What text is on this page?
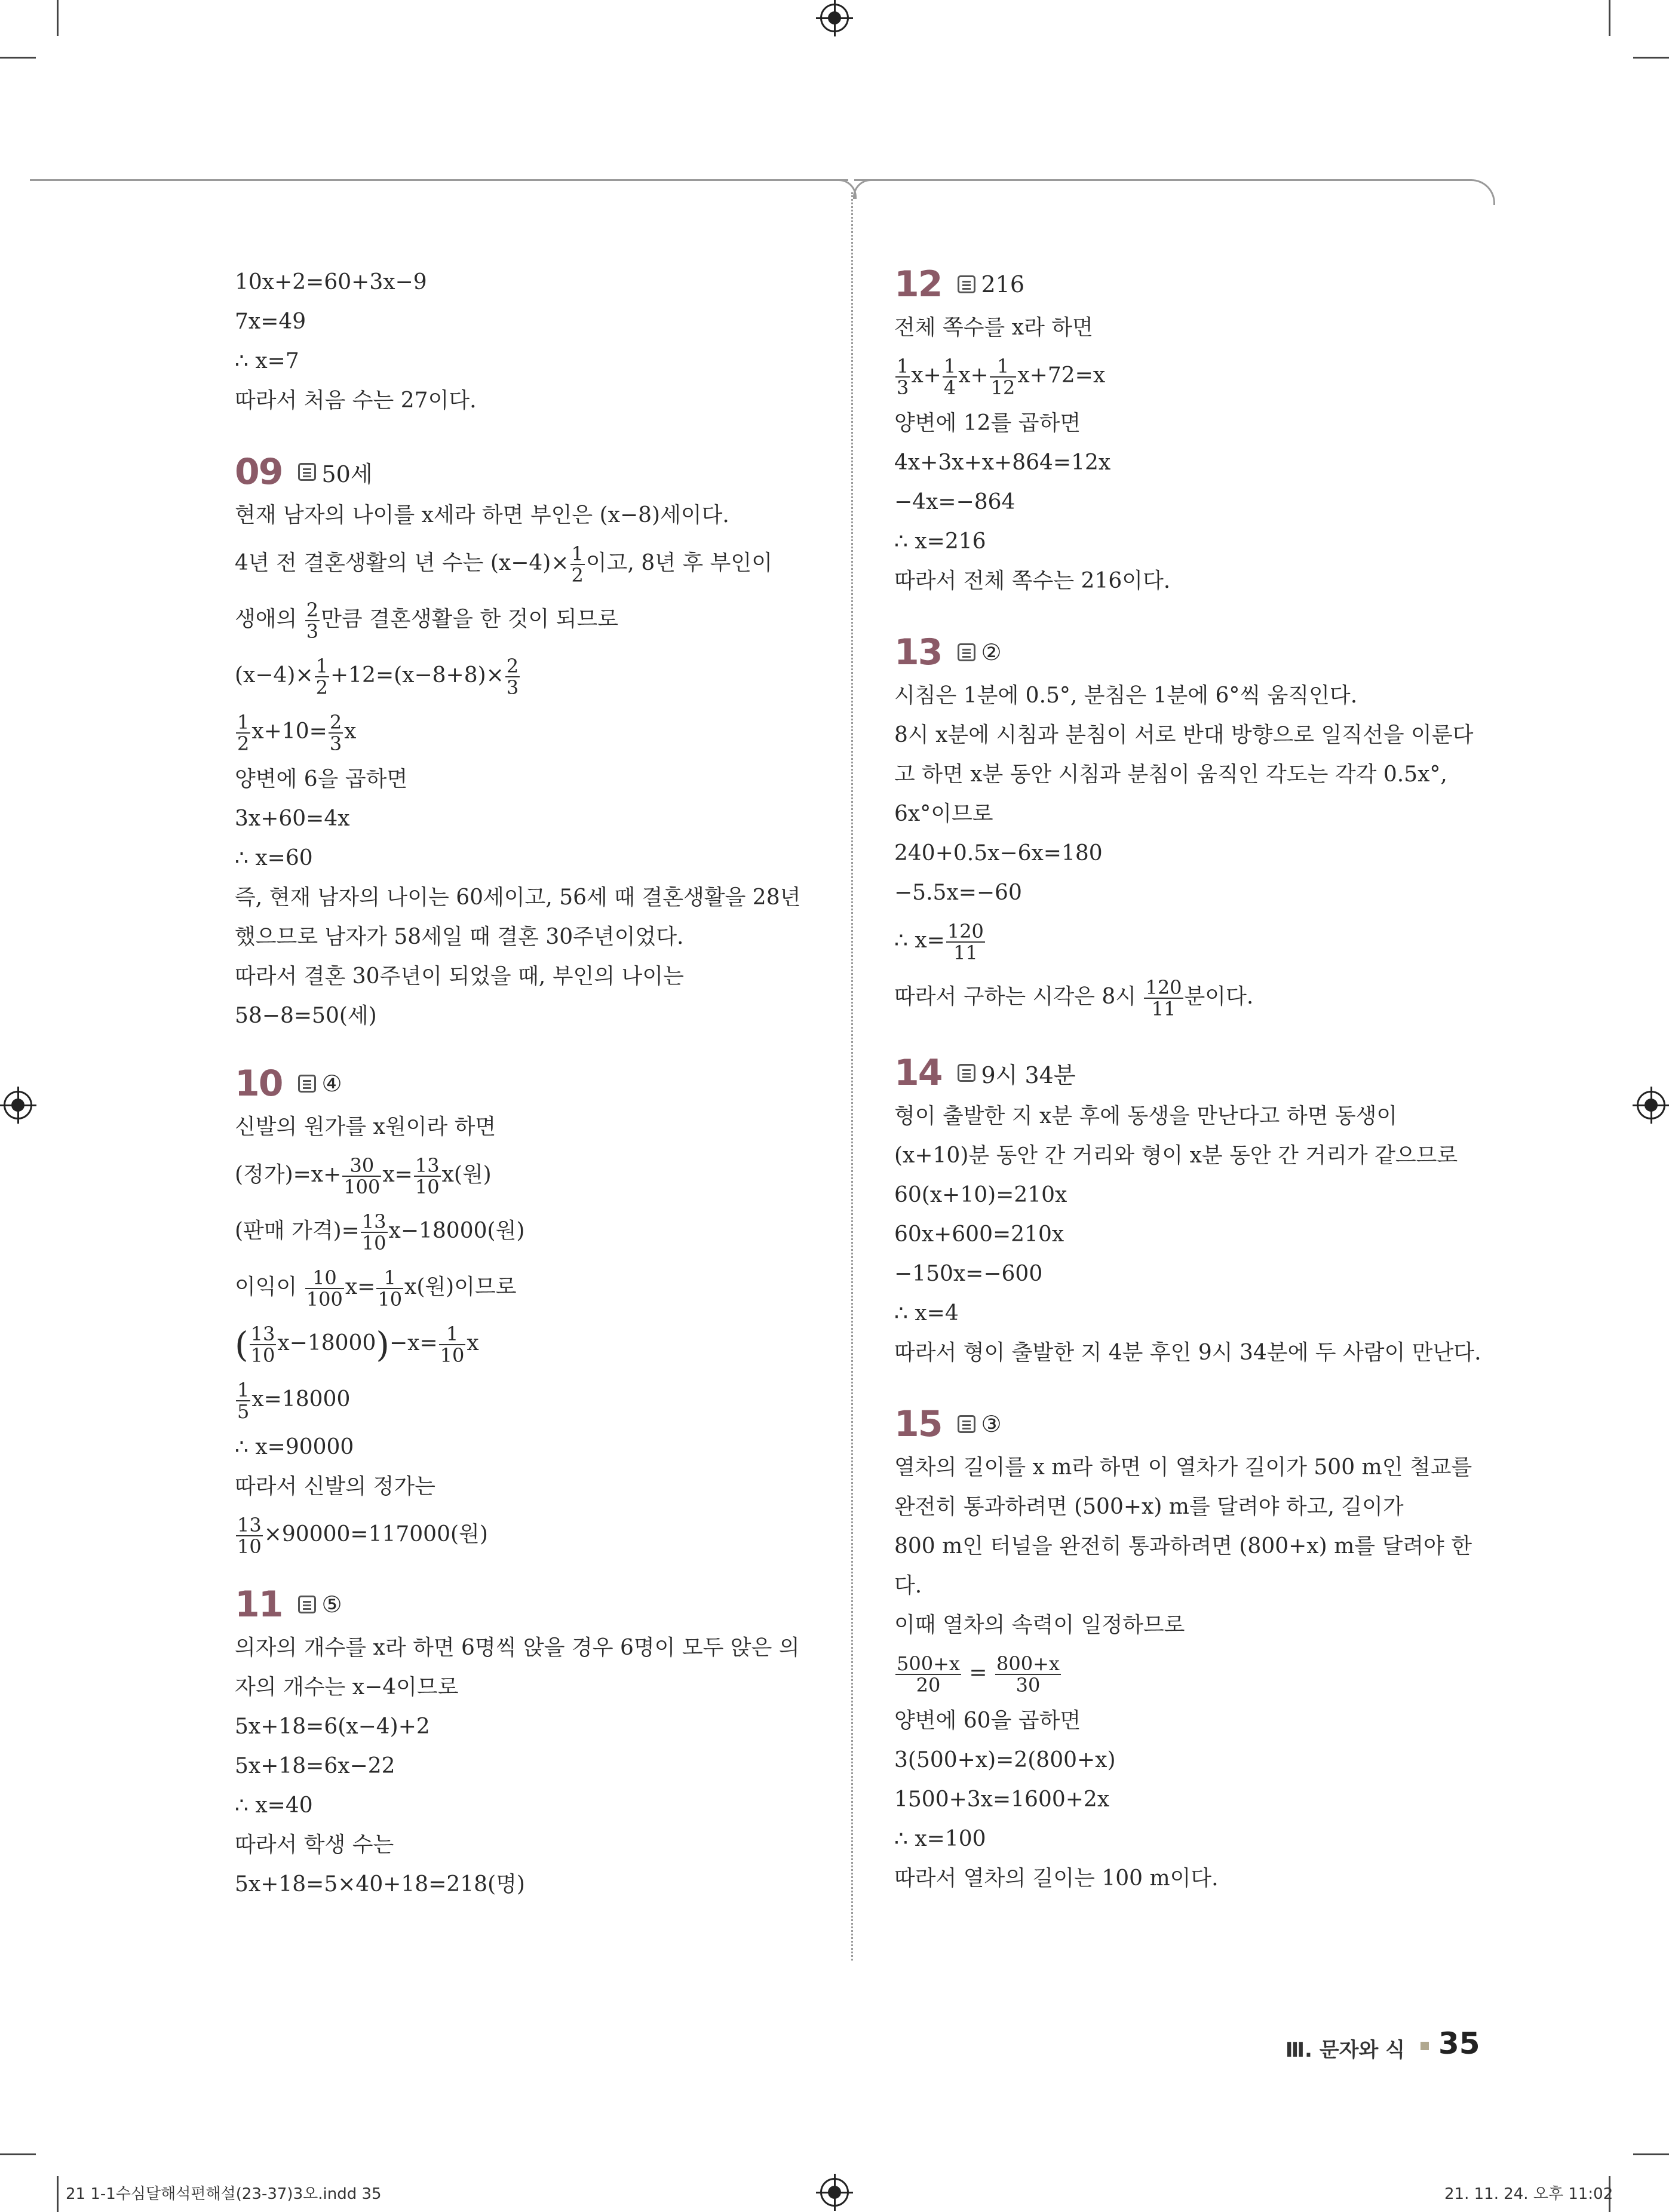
10x+2=60+3x−9
7x=49
∴ x=7
따라서 처음 수는 27이다.
09 50세
현재 남자의 나이를 x세라 하면 부인은 (x−8)세이다.
4년 전 결혼생활의 년 수는 $(x-4)\times \frac{1}{2}$ 이고, 8년 후 부인이
생애의 $\frac{2}{3}$ 만큼 결혼생활을 한 것이 되므로
$(x-4)\times \frac{1}{2} +12=(x-8+8)\times \frac{2}{3}$
$\frac{1}{2} x+10= \frac{2}{3}$ x
양변에 6을 곱하면
3x+60=4x
∴ x=60
즉, 현재 남자의 나이는 60세이고, 56세 때 결혼생활을 28년
했으므로 남자가 58세일 때 결혼 30주년이었다.
따라서 결혼 30주년이 되었을 때, 부인의 나이는
58−8=50(세)
10 ④
신발의 원가를 x원이라 하면
(정가)$=x+ \frac{30}{100} x= \frac{13}{10} x$(원)
(판매 가격)= $\frac{13}{10} x-18000$(원)
이익이 $\frac{10}{100} x= \frac{1}{10} x$(원)이므로
( $\frac{13}{10} x-18000)-x= \frac{1}{10}$ x
$\frac{1}{5} x=18000$
∴ x=90000
따라서 신발의 정가는
$\frac{13}{10} \times 90000=117000$(원)
11 ⑤
의자의 개수를 x라 하면 6명씩 앉을 경우 6명이 모두 앉은 의
자의 개수는 x−4이므로
5x+18=6(x−4)+2
5x+18=6x−22
∴ x=40
따라서 학생 수는
5x+18=5×40+18=218(명)
12 216
전체 쪽수를 x라 하면
$\frac{1}{3} x+ \frac{1}{4} x+ \frac{1}{12} x+72=x$
양변에 12를 곱하면
4x+3x+x+864=12x
−4x=−864
∴ x=216
따라서 전체 쪽수는 216이다.
13 ②
시침은 1분에 0.5°, 분침은 1분에 6°씩 움직인다.
8시 x분에 시침과 분침이 서로 반대 방향으로 일직선을 이룬다
고 하면 x분 동안 시침과 분침이 움직인 각도는 각각 0.5x°,
6x°이므로
240+0.5x−6x=180
−5.5x=−60
∴ $x= \frac{120}{11}$
따라서 구하는 시각은 8시 $\frac{120}{11}$ 분이다.
14 9시 34분
형이 출발한 지 x분 후에 동생을 만난다고 하면 동생이
(x+10)분 동안 간 거리와 형이 x분 동안 간 거리가 같으므로
60(x+10)=210x
60x+600=210x
−150x=−600
∴ x=4
따라서 형이 출발한 지 4분 후인 9시 34분에 두 사람이 만난다.
15 ③
열차의 길이를 x m라 하면 이 열차가 길이가 500 m인 철교를
완전히 통과하려면 (500+x) m를 달려야 하고, 길이가
800 m인 터널을 완전히 통과하려면 (800+x) m를 달려야 한
다.
이때 열차의 속력이 일정하므로
$\frac{500+x}{20} = \frac{800+x}{30}$
양변에 60을 곱하면
3(500+x)=2(800+x)
1500+3x=1600+2x
∴ x=100
따라서 열차의 길이는 100 m이다.
Ⅲ. 문자와 식 35
21 1-1수심달해석편해설(23-37)3오.indd 35	21. 11. 24. 오후 11:02
